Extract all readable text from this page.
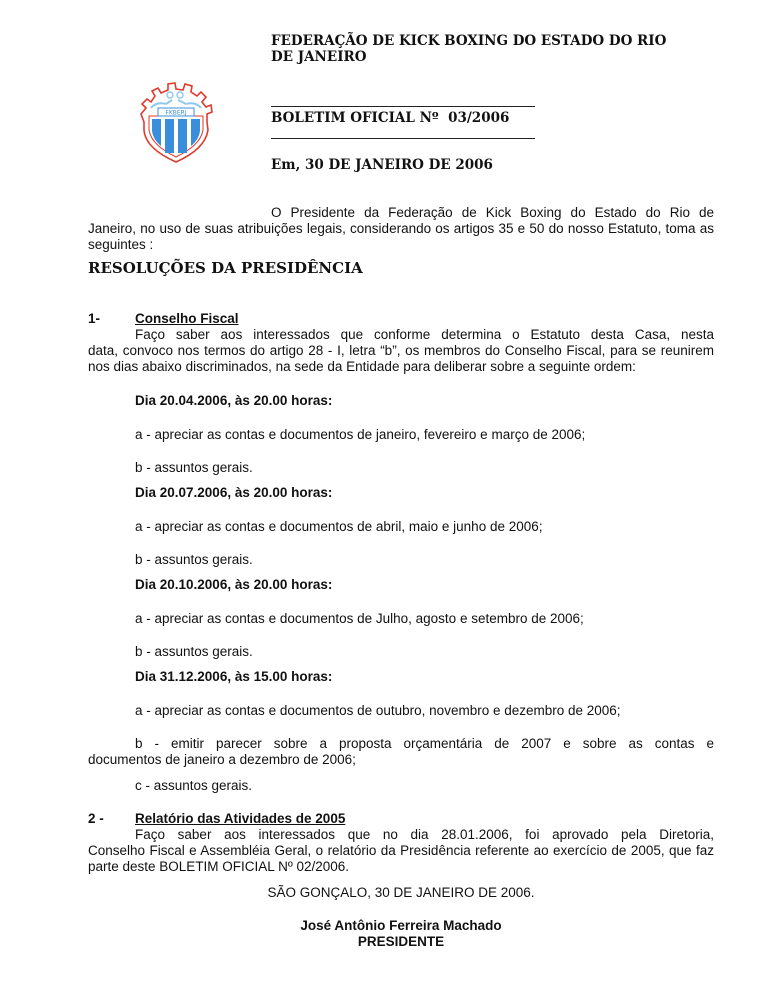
FKBERJ
FEDERAÇÃO DE KICK BOXING DO ESTADO DO RIO
DE JANEIRO
BOLETIM OFICIAL Nº  03/2006
Em, 30 DE JANEIRO DE 2006
O Presidente da Federação de Kick Boxing do Estado do Rio de
Janeiro, no uso de suas atribuições legais, considerando os artigos 35 e 50 do nosso Estatuto, toma as seguintes :
RESOLUÇÕES DA PRESIDÊNCIA
1-	Conselho Fiscal
Faço saber aos interessados que conforme determina o Estatuto desta Casa, nesta
data, convoco nos termos do artigo 28 - I, letra “b”, os membros do Conselho Fiscal, para se reunirem nos dias abaixo discriminados, na sede da Entidade para deliberar sobre a seguinte ordem:
Dia 20.04.2006, às 20.00 horas:
a - apreciar as contas e documentos de janeiro, fevereiro e março de 2006;
b - assuntos gerais.
Dia 20.07.2006, às 20.00 horas:
a - apreciar as contas e documentos de abril, maio e junho de 2006;
b - assuntos gerais.
Dia 20.10.2006, às 20.00 horas:
a - apreciar as contas e documentos de Julho, agosto e setembro de 2006;
b - assuntos gerais.
Dia 31.12.2006, às 15.00 horas:
a - apreciar as contas e documentos de outubro, novembro e dezembro de 2006;
b - emitir parecer sobre a proposta orçamentária de 2007 e sobre as contas e
documentos de janeiro a dezembro de 2006;
c - assuntos gerais.
2 - Relatório das Atividades de 2005
Faço saber aos interessados que no dia 28.01.2006, foi aprovado pela Diretoria,
Conselho Fiscal e Assembléia Geral, o relatório da Presidência referente ao exercício de 2005, que faz parte deste BOLETIM OFICIAL Nº 02/2006.
SÃO GONÇALO, 30 DE JANEIRO DE 2006.
José Antônio Ferreira Machado
PRESIDENTE
